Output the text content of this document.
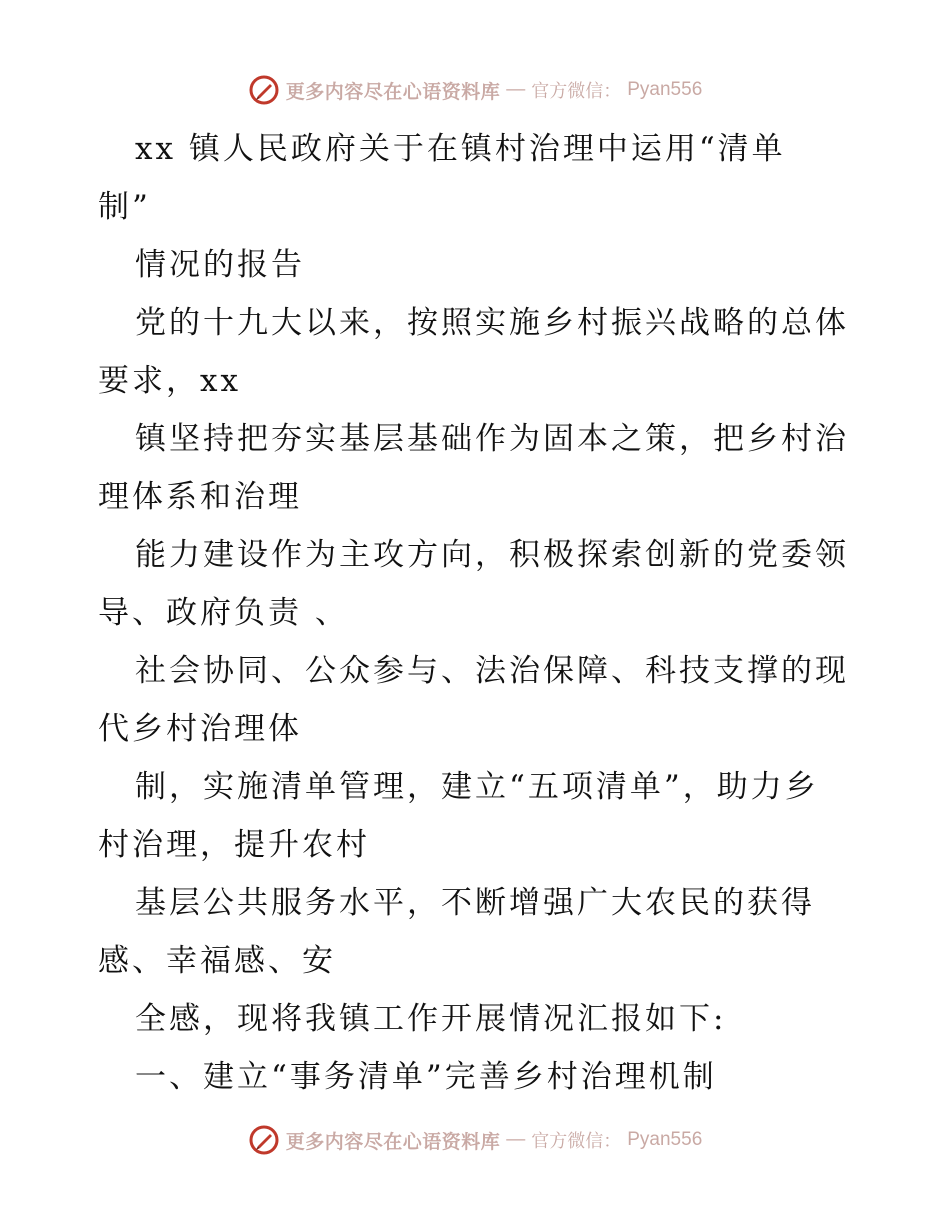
更多内容尽在心语资料库 — 官方微信： Pyan556
xx 镇人民政府关于在镇村治理中运用“清单
制”
情况的报告
党的十九大以来，按照实施乡村振兴战略的总体
要求，xx
镇坚持把夯实基层基础作为固本之策，把乡村治
理体系和治理
能力建设作为主攻方向，积极探索创新的党委领
导、政府负责 、
社会协同、公众参与、法治保障、科技支撑的现
代乡村治理体
制，实施清单管理，建立“五项清单”，助力乡
村治理，提升农村
基层公共服务水平，不断增强广大农民的获得
感、幸福感、安
全感，现将我镇工作开展情况汇报如下:
一、建立“事务清单”完善乡村治理机制
更多内容尽在心语资料库 — 官方微信： Pyan556
